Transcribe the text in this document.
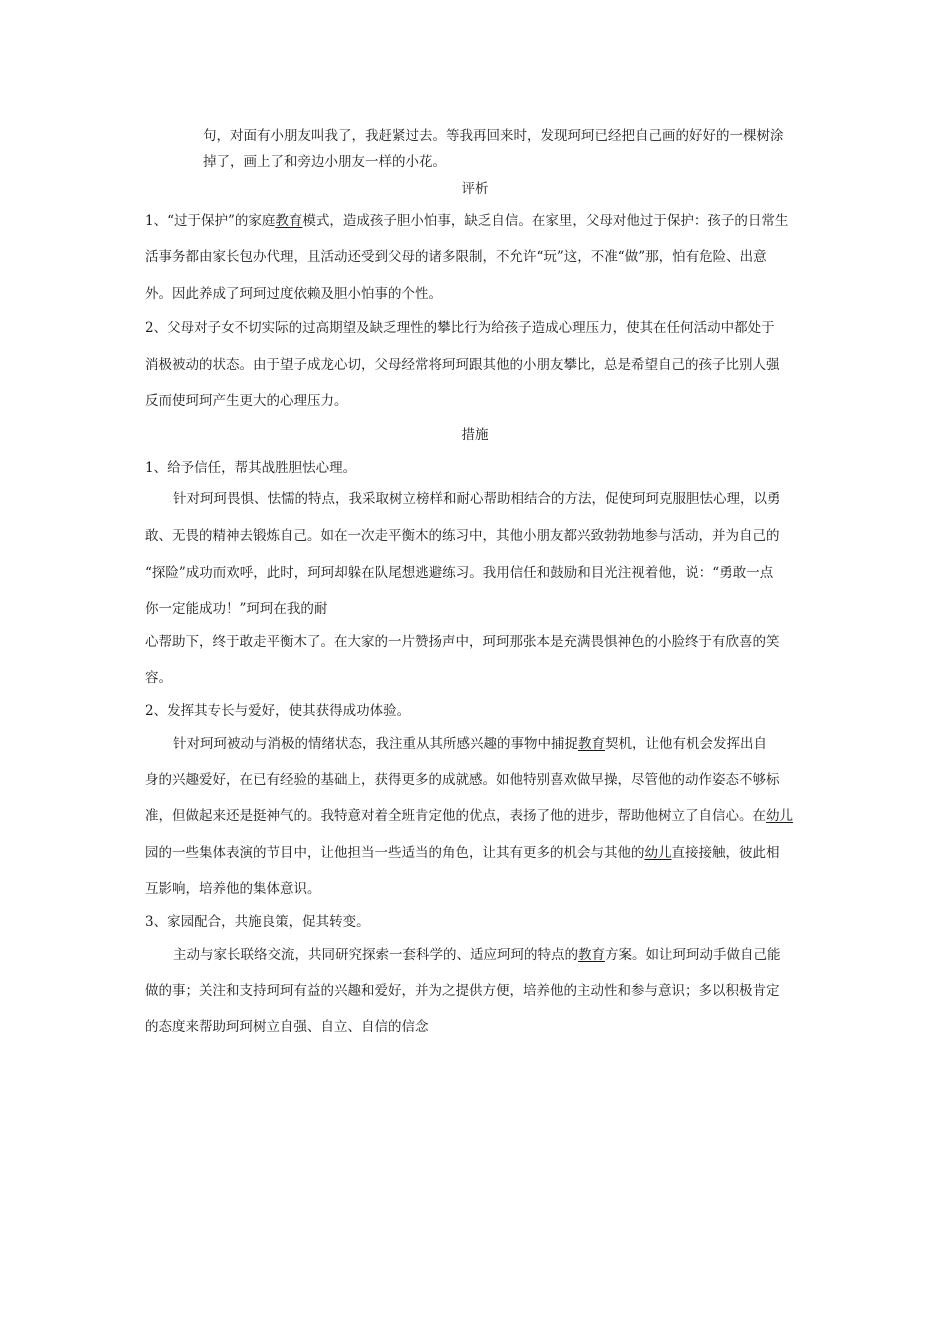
句，对面有小朋友叫我了，我赶紧过去。等我再回来时，发现珂珂已经把自己画的好好的一棵树涂
掉了，画上了和旁边小朋友一样的小花。
评析
1、“过于保护”的家庭教育模式，造成孩子胆小怕事，缺乏自信。在家里，父母对他过于保护：孩子的日常生
活事务都由家长包办代理，且活动还受到父母的诸多限制，不允许“玩”这，不准“做”那，怕有危险、出意
外。因此养成了珂珂过度依赖及胆小怕事的个性。
2、父母对子女不切实际的过高期望及缺乏理性的攀比行为给孩子造成心理压力，使其在任何活动中都处于
消极被动的状态。由于望子成龙心切，父母经常将珂珂跟其他的小朋友攀比，总是希望自己的孩子比别人强
反而使珂珂产生更大的心理压力。
措施
1、给予信任，帮其战胜胆怯心理。
针对珂珂畏惧、怯懦的特点，我采取树立榜样和耐心帮助相结合的方法，促使珂珂克服胆怯心理，以勇
敢、无畏的精神去锻炼自己。如在一次走平衡木的练习中，其他小朋友都兴致勃勃地参与活动，并为自己的
“探险”成功而欢呼，此时，珂珂却躲在队尾想逃避练习。我用信任和鼓励和目光注视着他，说：“勇敢一点
你一定能成功！”珂珂在我的耐
心帮助下，终于敢走平衡木了。在大家的一片赞扬声中，珂珂那张本是充满畏惧神色的小脸终于有欣喜的笑
容。
2、发挥其专长与爱好，使其获得成功体验。
针对珂珂被动与消极的情绪状态，我注重从其所感兴趣的事物中捕捉教育契机，让他有机会发挥出自
身的兴趣爱好，在已有经验的基础上，获得更多的成就感。如他特别喜欢做早操，尽管他的动作姿态不够标
准，但做起来还是挺神气的。我特意对着全班肯定他的优点，表扬了他的进步，帮助他树立了自信心。在幼儿
园的一些集体表演的节目中，让他担当一些适当的角色，让其有更多的机会与其他的幼儿直接接触，彼此相
互影响，培养他的集体意识。
3、家园配合，共施良策，促其转变。
主动与家长联络交流，共同研究探索一套科学的、适应珂珂的特点的教育方案。如让珂珂动手做自己能
做的事；关注和支持珂珂有益的兴趣和爱好，并为之提供方便，培养他的主动性和参与意识；多以积极肯定
的态度来帮助珂珂树立自强、自立、自信的信念
